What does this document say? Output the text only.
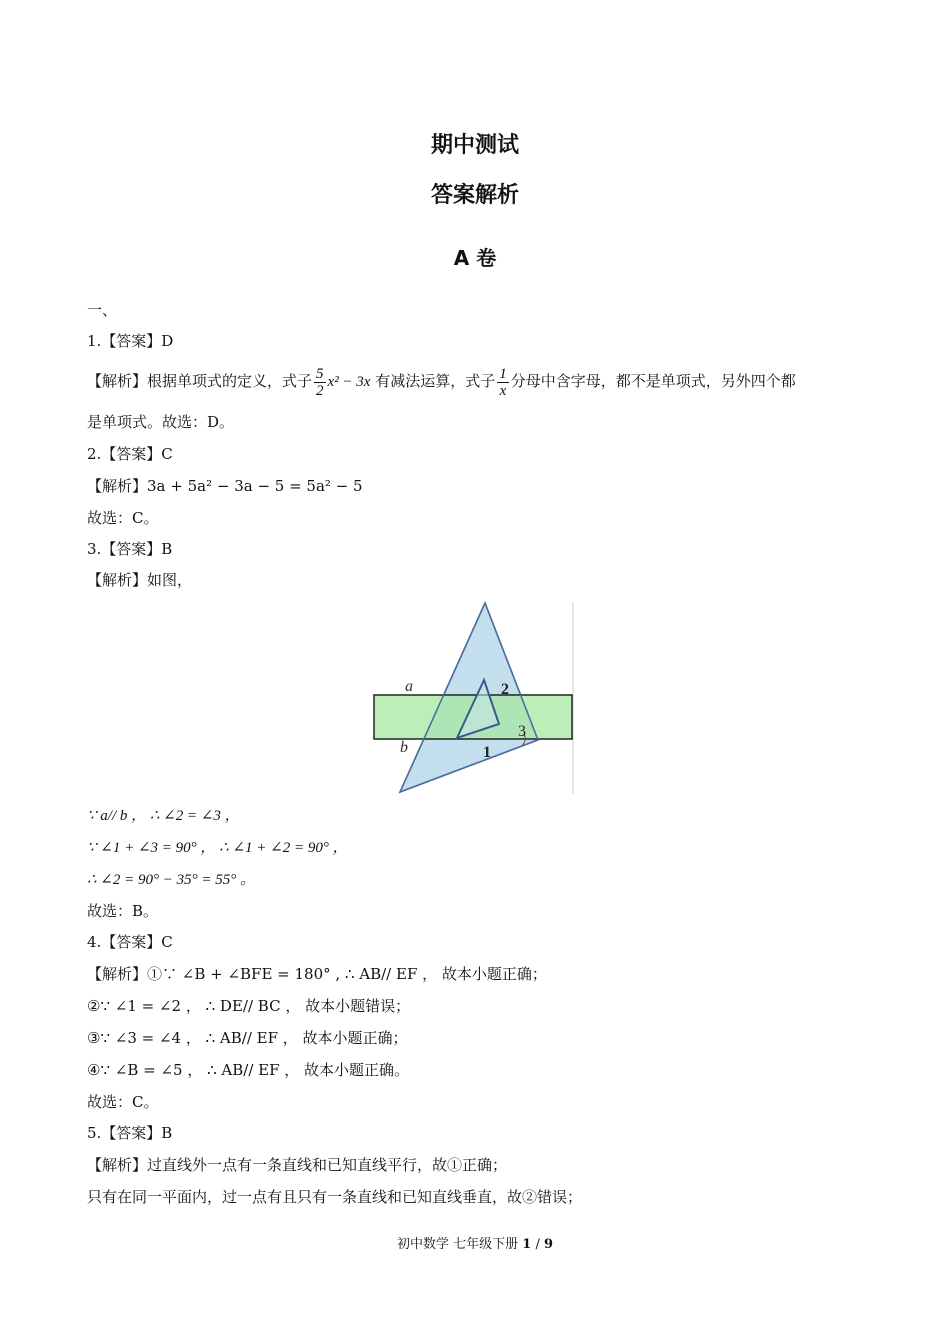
期中测试
答案解析
A 卷
一、
1.【答案】D
【解析】根据单项式的定义，式子 $\frac{5}{2} x^2 - 3x$ 有减法运算，式子 $\frac{1}{x}$ 分母中含字母，都不是单项式，另外四个都
是单项式。故选：D。
2.【答案】C
【解析】3a + 5a² − 3a − 5 = 5a² − 5
故选：C。
3.【答案】B
【解析】如图，
a
b
2
3
1
∵ a// b ， ∴ ∠2 = ∠3 ，
∵ ∠1 + ∠3 = 90° ， ∴ ∠1 + ∠2 = 90° ，
∴ ∠2 = 90° − 35° = 55° 。
故选：B。
4.【答案】C
【解析】①∵ ∠B + ∠BFE = 180° , ∴ AB// EF ， 故本小题正确；
②∵ ∠1 = ∠2 ， ∴ DE// BC ， 故本小题错误；
③∵ ∠3 = ∠4 ， ∴ AB// EF ， 故本小题正确；
④∵ ∠B = ∠5 ， ∴ AB// EF ， 故本小题正确。
故选：C。
5.【答案】B
【解析】过直线外一点有一条直线和已知直线平行，故①正确；
只有在同一平面内，过一点有且只有一条直线和已知直线垂直，故②错误；
初中数学 七年级下册 1 / 9
